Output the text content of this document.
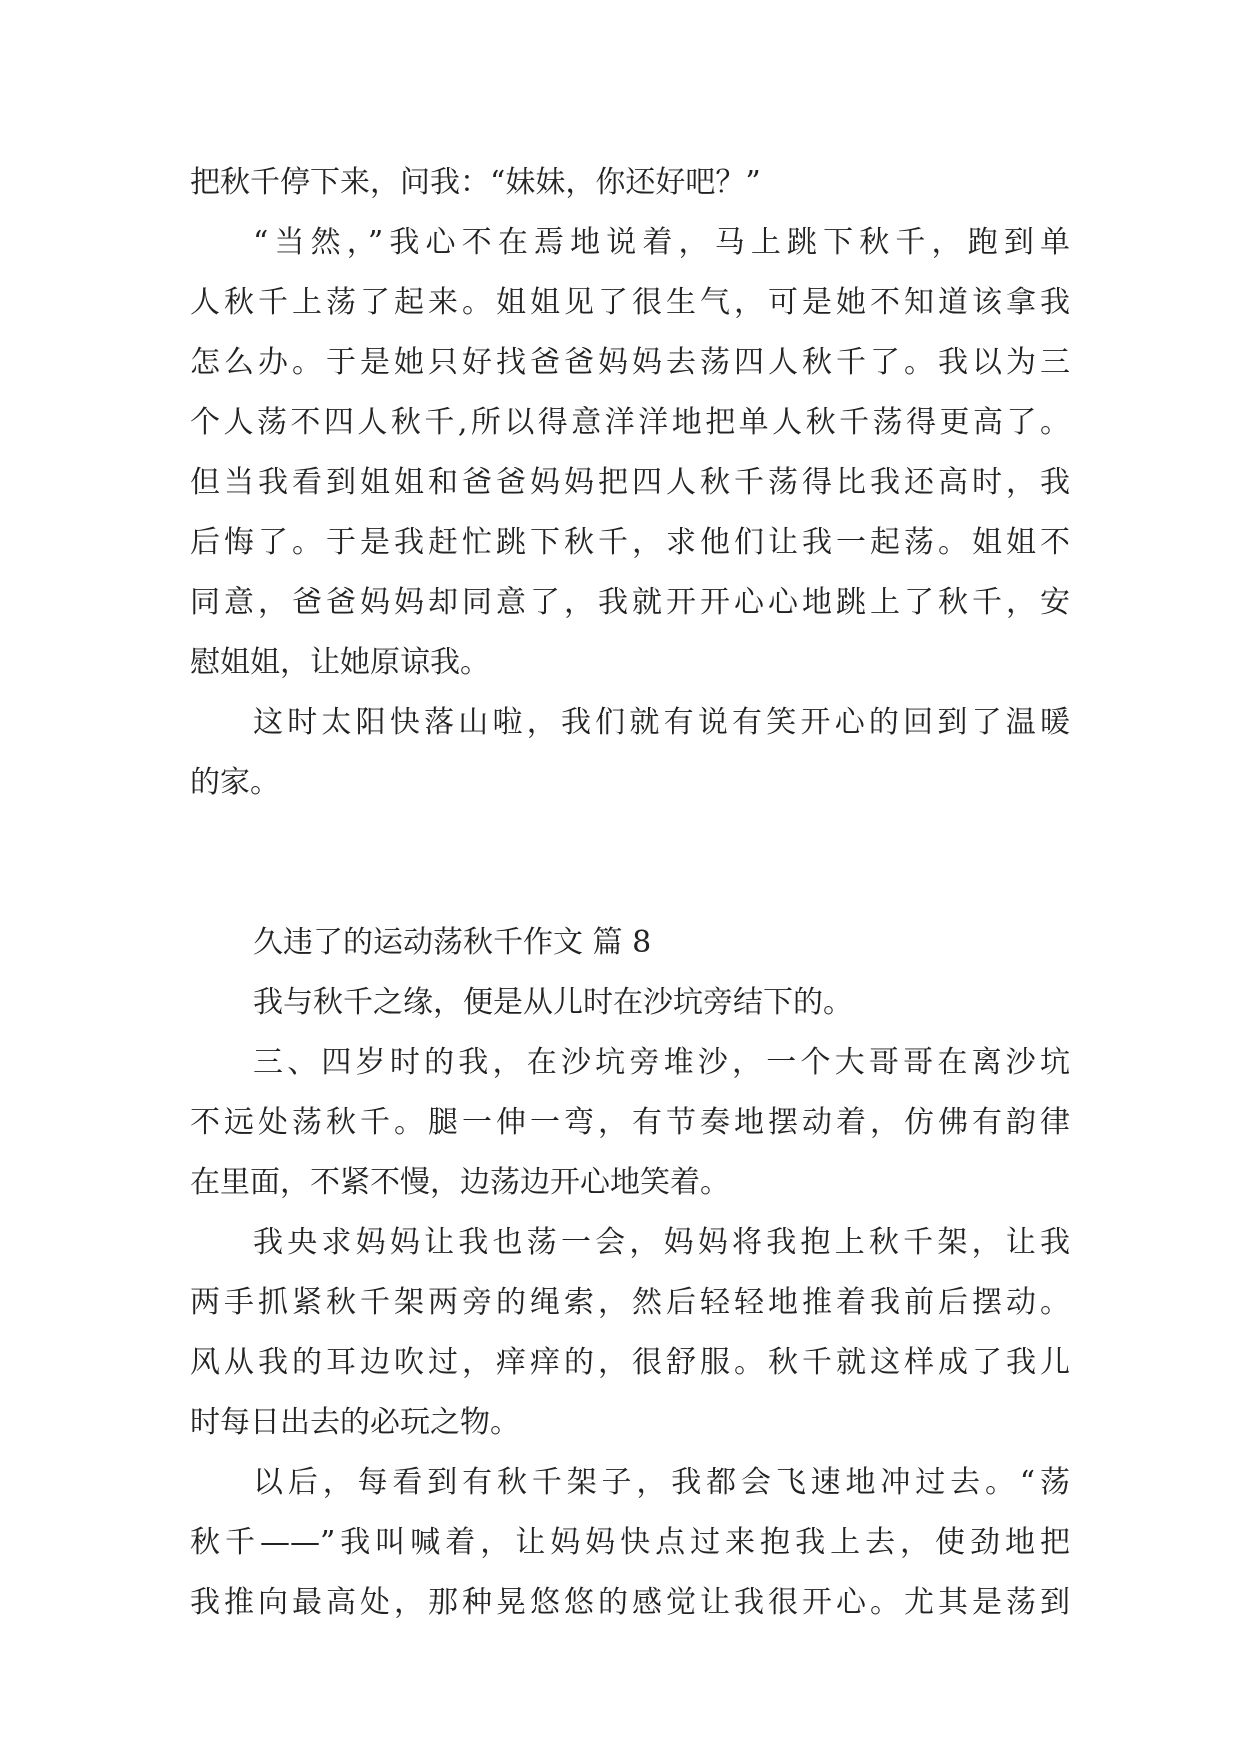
把秋千停下来，问我：“妹妹，你还好吧？”
“当然，”我心不在焉地说着，马上跳下秋千，跑到单
人秋千上荡了起来。姐姐见了很生气，可是她不知道该拿我
怎么办。于是她只好找爸爸妈妈去荡四人秋千了。我以为三
个人荡不四人秋千,所以得意洋洋地把单人秋千荡得更高了。
但当我看到姐姐和爸爸妈妈把四人秋千荡得比我还高时，我
后悔了。于是我赶忙跳下秋千，求他们让我一起荡。姐姐不
同意，爸爸妈妈却同意了，我就开开心心地跳上了秋千，安
慰姐姐，让她原谅我。
这时太阳快落山啦，我们就有说有笑开心的回到了温暖
的家。
久违了的运动荡秋千作文 篇 8
我与秋千之缘，便是从儿时在沙坑旁结下的。
三、四岁时的我，在沙坑旁堆沙，一个大哥哥在离沙坑
不远处荡秋千。腿一伸一弯，有节奏地摆动着，仿佛有韵律
在里面，不紧不慢，边荡边开心地笑着。
我央求妈妈让我也荡一会，妈妈将我抱上秋千架，让我
两手抓紧秋千架两旁的绳索，然后轻轻地推着我前后摆动。
风从我的耳边吹过，痒痒的，很舒服。秋千就这样成了我儿
时每日出去的必玩之物。
以后，每看到有秋千架子，我都会飞速地冲过去。“荡
秋千——”我叫喊着，让妈妈快点过来抱我上去，使劲地把
我推向最高处，那种晃悠悠的感觉让我很开心。尤其是荡到
